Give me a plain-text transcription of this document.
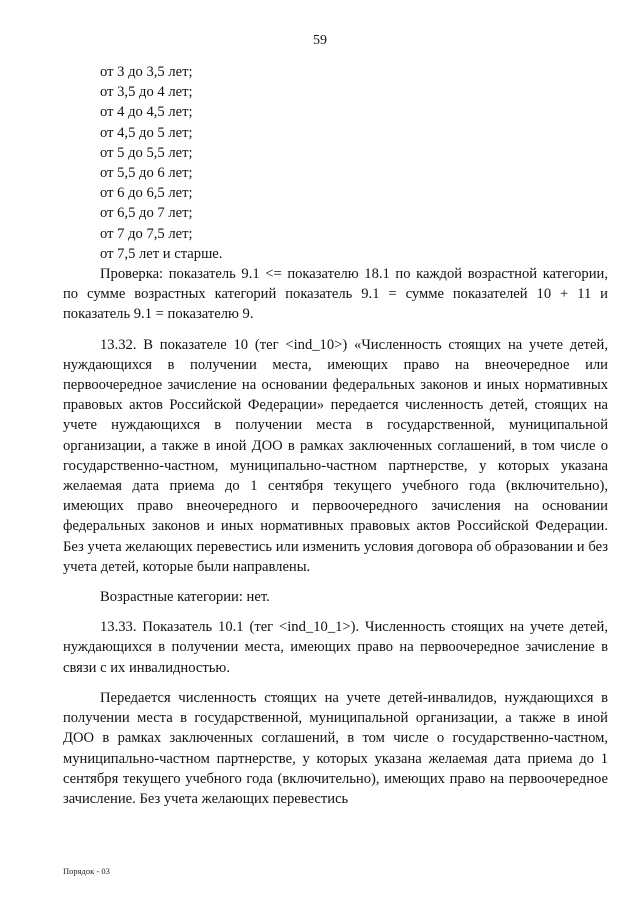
59
от 3 до 3,5 лет;
от 3,5 до 4 лет;
от 4 до 4,5 лет;
от 4,5 до 5 лет;
от 5 до 5,5 лет;
от 5,5 до 6 лет;
от 6 до 6,5 лет;
от 6,5 до 7 лет;
от 7 до 7,5 лет;
от 7,5 лет и старше.

Проверка: показатель 9.1 <= показателю 18.1 по каждой возрастной категории, по сумме возрастных категорий показатель 9.1 = сумме показателей 10 + 11 и показатель 9.1 = показателю 9.

13.32. В показателе 10 (тег <ind_10>) «Численность стоящих на учете детей, нуждающихся в получении места, имеющих право на внеочередное или первоочередное зачисление на основании федеральных законов и иных нормативных правовых актов Российской Федерации» передается численность детей, стоящих на учете нуждающихся в получении места в государственной, муниципальной организации, а также в иной ДОО в рамках заключенных соглашений, в том числе о государственно-частном, муниципально-частном партнерстве, у которых указана желаемая дата приема до 1 сентября текущего учебного года (включительно), имеющих право внеочередного и первоочередного зачисления на основании федеральных законов и иных нормативных правовых актов Российской Федерации. Без учета желающих перевестись или изменить условия договора об образовании и без учета детей, которые были направлены.

Возрастные категории: нет.

13.33. Показатель 10.1 (тег <ind_10_1>). Численность стоящих на учете детей, нуждающихся в получении места, имеющих право на первоочередное зачисление в связи с их инвалидностью.

Передается численность стоящих на учете детей-инвалидов, нуждающихся в получении места в государственной, муниципальной организации, а также в иной ДОО в рамках заключенных соглашений, в том числе о государственно-частном, муниципально-частном партнерстве, у которых указана желаемая дата приема до 1 сентября текущего учебного года (включительно), имеющих право на первоочередное зачисление. Без учета желающих перевестись

Порядок - 03
